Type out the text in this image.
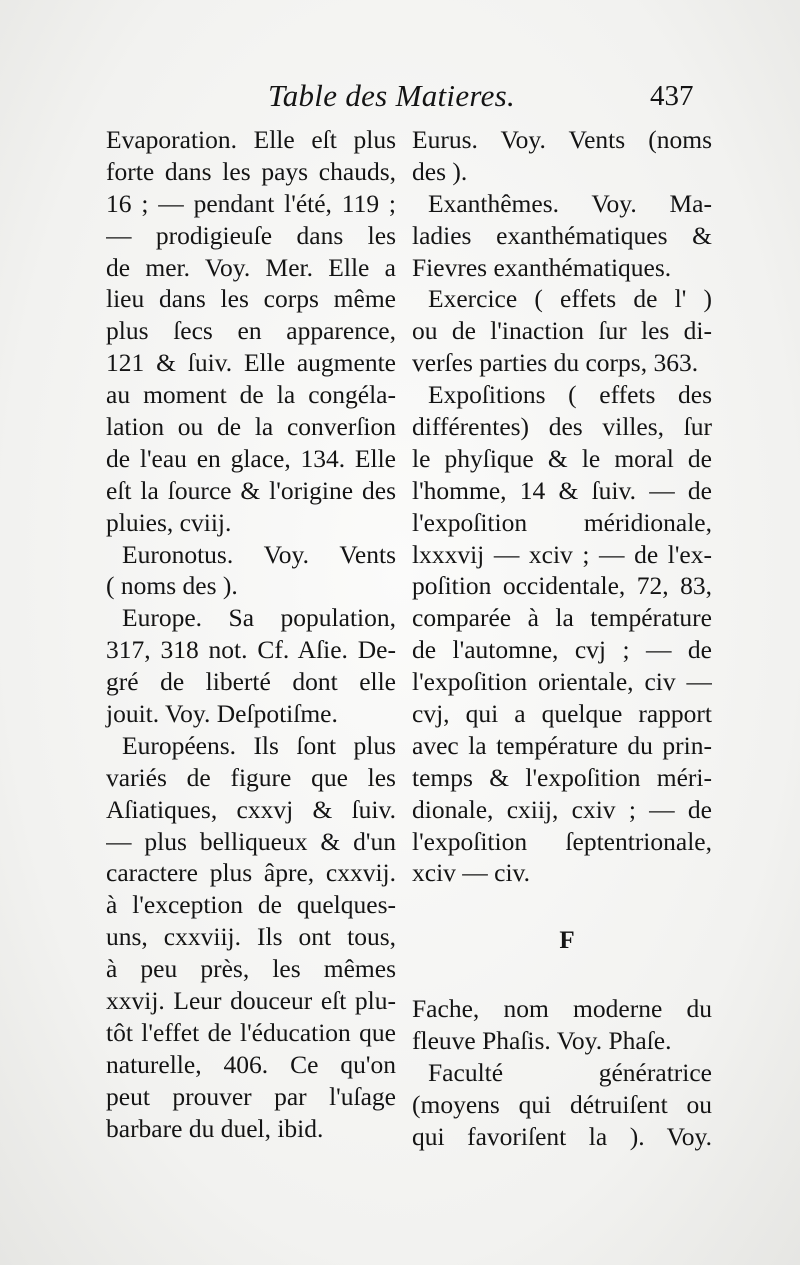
Table des Matieres.	437
Evaporation. Elle eſt plus
forte dans les pays chauds,
16 ; — pendant l'été, 119 ;
— prodigieuſe dans les
de mer. Voy. Mer. Elle a
lieu dans les corps même
plus ſecs en apparence,
121 & ſuiv. Elle augmente
au moment de la congéla-
lation ou de la converſion
de l'eau en glace, 134. Elle
eſt la ſource & l'origine des
pluies, cviij.
Euronotus. Voy. Vents
( noms des ).
Europe. Sa population,
317, 318 not. Cf. Aſie. De-
gré de liberté dont elle
jouit. Voy. Deſpotiſme.
Européens. Ils ſont plus
variés de figure que les
Aſiatiques, cxxvj & ſuiv.
— plus belliqueux & d'un
caractere plus âpre, cxxvij.
à l'exception de quelques-
uns, cxxviij. Ils ont tous,
à peu près, les mêmes
xxvij. Leur douceur eſt plu-
tôt l'effet de l'éducation que
naturelle, 406. Ce qu'on
peut prouver par l'uſage
barbare du duel, ibid.
Eurus. Voy. Vents (noms
des ).
Exanthêmes. Voy. Ma-
ladies exanthématiques &
Fievres exanthématiques.
Exercice ( effets de l' )
ou de l'inaction ſur les di-
verſes parties du corps, 363.
Expoſitions ( effets des
différentes) des villes, ſur
le phyſique & le moral de
l'homme, 14 & ſuiv. — de
l'expoſition méridionale,
lxxxvij — xciv ; — de l'ex-
poſition occidentale, 72, 83,
comparée à la température
de l'automne, cvj ; — de
l'expoſition orientale, civ —
cvj, qui a quelque rapport
avec la température du prin-
temps & l'expoſition méri-
dionale, cxiij, cxiv ; — de
l'expoſition ſeptentrionale,
xciv — civ.
F
Fache, nom moderne du
fleuve Phaſis. Voy. Phaſe.
Faculté génératrice
(moyens qui détruiſent ou
qui favoriſent la ). Voy.
